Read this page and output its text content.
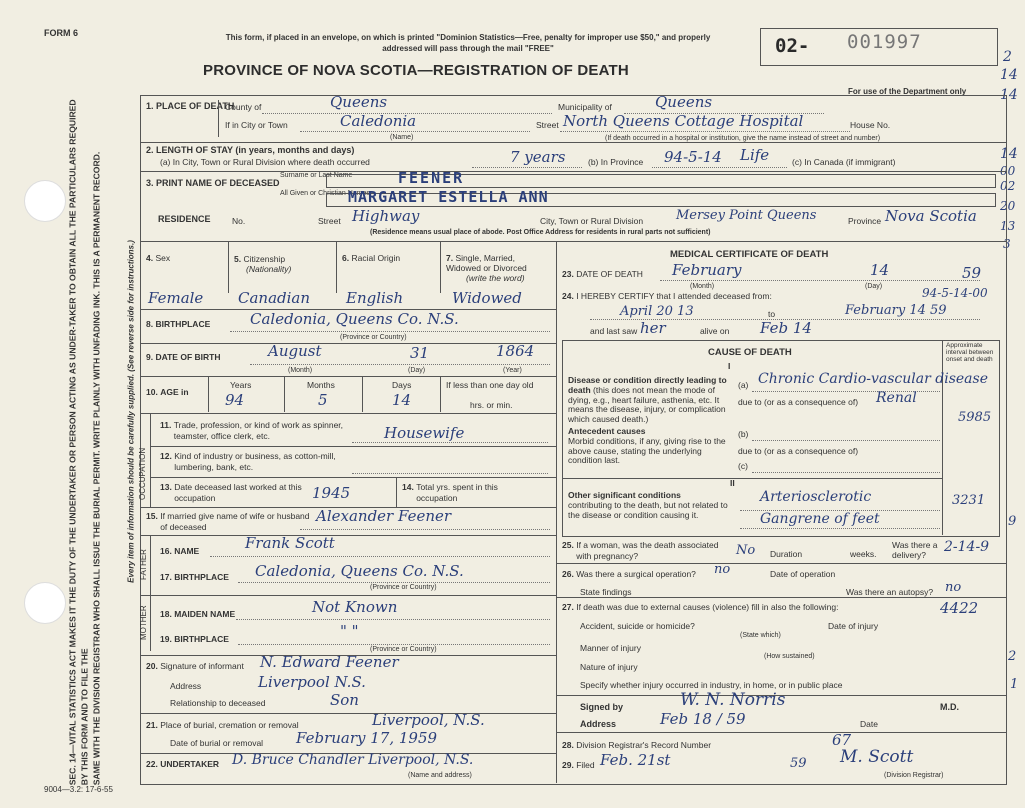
FORM 6	This form, if placed in an envelope, on which is printed "Dominion Statistics—Free, penalty for improper use $50," and properly addressed will pass through the mail "FREE"
PROVINCE OF NOVA SCOTIA—REGISTRATION OF DEATH
02- 001997
For use of the Department only
2
14
14
14
00
02
20
13
3
SEC. 14—VITAL STATISTICS ACT MAKES IT THE DUTY OF THE UNDERTAKER OR PERSON ACTING AS UNDER-TAKER TO OBTAIN ALL THE PARTICULARS REQUIRED BY THIS FORM AND TO FILE THE SAME WITH THE DIVISION REGISTRAR WHO SHALL ISSUE THE BURIAL PERMIT. WRITE PLAINLY WITH UNFADING INK. THIS IS A PERMANENT RECORD.	Every item of information should be carefully supplied. (See reverse side for instructions.)
9004—3.2: 17-6-55
1. PLACE OF DEATH
County of	Queens	Municipality of	Queens
If in City or Town	Caledonia
(Name)
Street North Queens Cottage Hospital	House No.
(If death occurred in a hospital or institution, give the name instead of street and number)
2. LENGTH OF STAY (in years, months and days)
(a) In City, Town or Rural Division where death occurred	7 years	(b) In Province 94-5-14 Life	(c) In Canada (if immigrant)
3. PRINT NAME OF DECEASED
Surname or Last Name
All Given or Christian Names
FEENER
MARGARET ESTELLA ANN
RESIDENCE	No.	Street Highway	City, Town or Rural Division	Mersey Point Queens	Province Nova Scotia
(Residence means usual place of abode. Post Office Address for residents in rural parts not sufficient)
4. Sex	5. Citizenship
(Nationality)
6. Racial Origin	7. Single, Married, Widowed or Divorced
(write the word)
Female Canadian English	Widowed
8. BIRTHPLACE	Caledonia, Queens Co. N.S.
(Province or Country)
9. DATE OF BIRTH	August	31	1864
(Month)	(Day)	(Year)
10. AGE in
Years	Months	Days	If less than one day old
hrs. or min.
94	5	14
OCCUPATION
11. Trade, profession, or kind of work as spinner, teamster, office clerk, etc.	Housewife
12. Kind of industry or business, as cotton-mill, lumbering, bank, etc.
13. Date deceased last worked at this occupation	1945	14. Total yrs. spent in this occupation
15. If married give name of wife or husband of deceased
Alexander Feener
FATHER 16. NAME	Frank Scott
17. BIRTHPLACE Caledonia, Queens Co. N.S.
(Province or Country)
MOTHER 18. MAIDEN NAME	Not Known
19. BIRTHPLACE	" "
(Province or Country)
20. Signature of informant N. Edward Feener
Address	Liverpool N.S.
Relationship to deceased	Son
21. Place of burial, cremation or removal	Liverpool, N.S.
Date of burial or removal February 17, 1959
22. UNDERTAKER D. Bruce Chandler Liverpool, N.S.
(Name and address)
MEDICAL CERTIFICATE OF DEATH
23. DATE OF DEATH February	14	59
(Month)	(Day)	94-5-14-00
24. I HEREBY CERTIFY that I attended deceased from:
April 20 13	to	February 14 59
and last saw her	alive on Feb 14
CAUSE OF DEATH
Approximate interval between onset and death
I
Disease or condition directly leading to death (this does not mean the mode of dying, e.g., heart failure, asthenia, etc. It means the disease, injury, or complication which caused death.)
(a) Chronic Cardio-vascular disease
due to (or as a consequence of) Renal
5985
Antecedent causes
Morbid conditions, if any, giving rise to the above cause, stating the underlying condition last.
(b)
due to (or as a consequence of)
(c)
II
Other significant conditions
contributing to the death, but not related to the disease or condition causing it.
Arteriosclerotic
Gangrene of feet
3231
9
25. If a woman, was the death associated with pregnancy?	No Duration	weeks.
Was there a delivery?
2-14-9
26. Was there a surgical operation? no	Date of operation
State findings	Was there an autopsy? no
27. If death was due to external causes (violence) fill in also the following:	4422
Accident, suicide or homicide?
(State which)
Date of injury
Manner of injury
(How sustained)
Nature of injury
Specify whether injury occurred in industry, in home, or in public place
2
1
Signed by	W. N. Norris	M.D.
Address	Feb 18 / 59	Date
28. Division Registrar's Record Number	67
29. Filed Feb. 21st	59 M. Scott
(Division Registrar)
